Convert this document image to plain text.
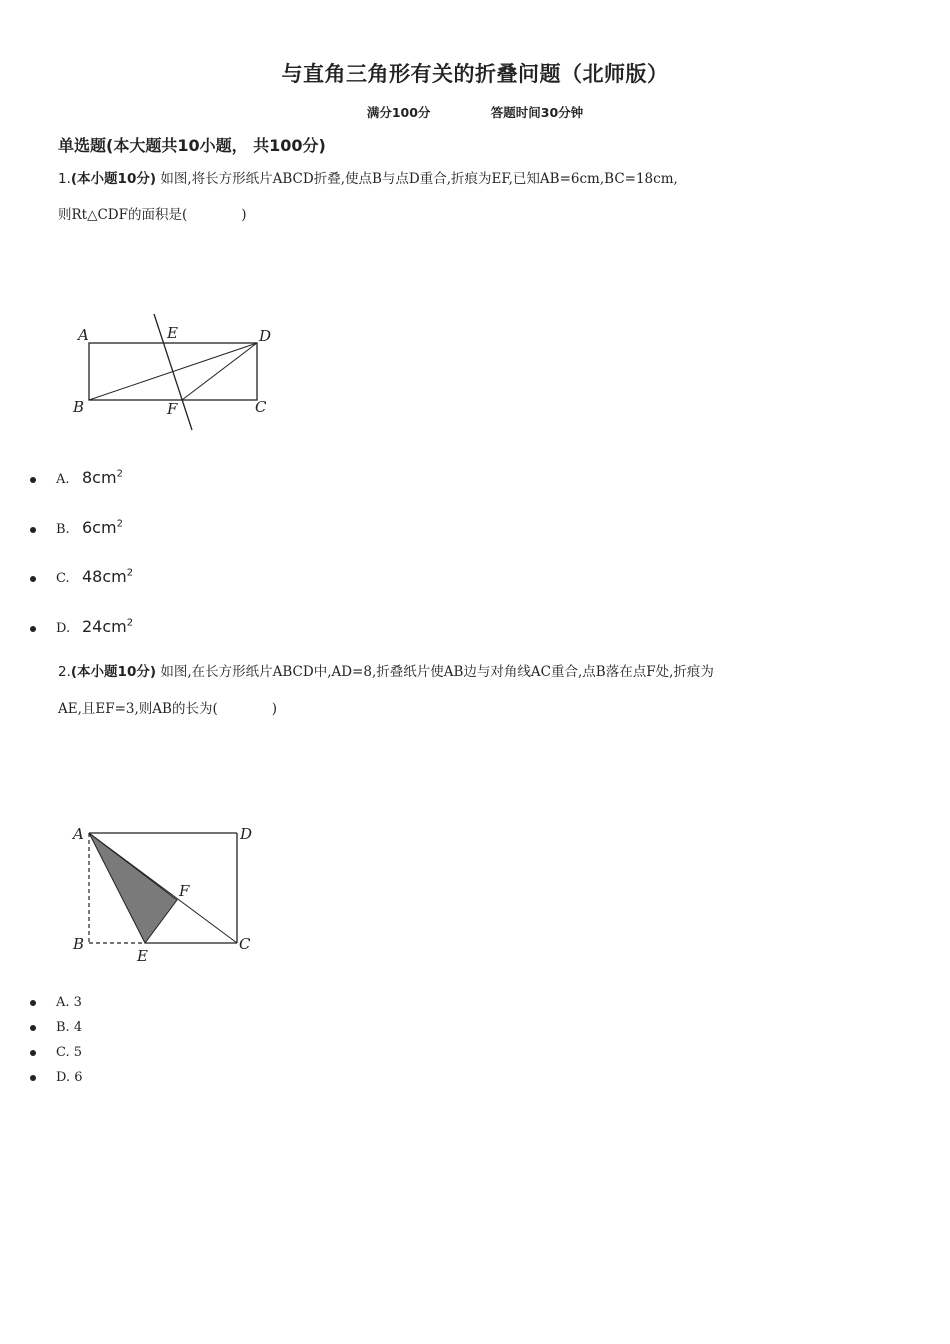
与直角三角形有关的折叠问题（北师版）
满分100分	答题时间30分钟
单选题(本大题共10小题， 共100分)
1.(本小题10分) 如图,将长方形纸片ABCD折叠,使点B与点D重合,折痕为EF,已知AB=6cm,BC=18cm,
则Rt△CDF的面积是(　　　　)
A	E	D
B	F	C
A. $8cm^2$
B. $6cm^2$
C. $48cm^2$
D. $24cm^2$
2.(本小题10分) 如图,在长方形纸片ABCD中,AD=8,折叠纸片使AB边与对角线AC重合,点B落在点F处,折痕为
AE,且EF=3,则AB的长为(　　　　)
A	D
F
B
E
C
A. 3
B. 4
C. 5
D. 6
